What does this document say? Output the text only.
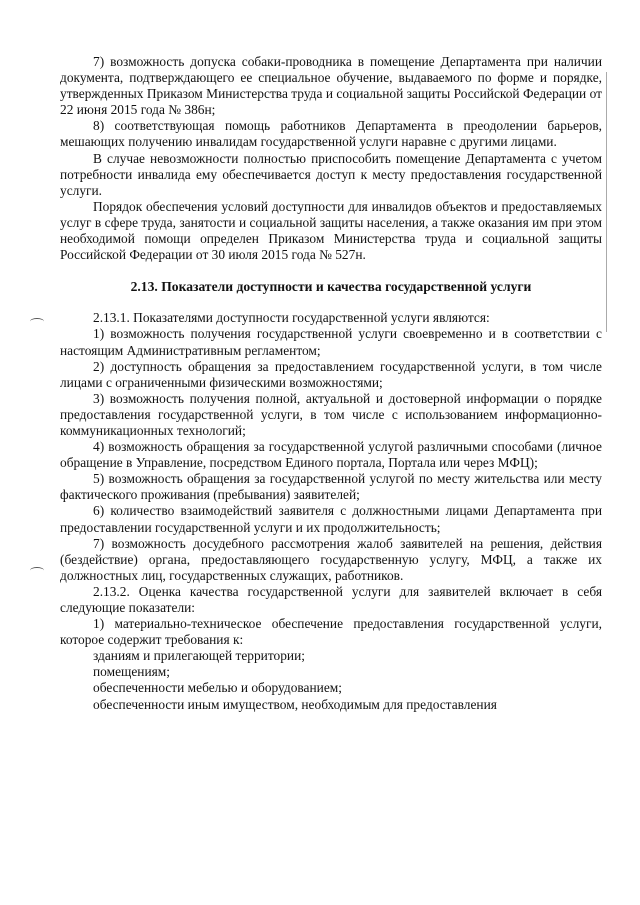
7) возможность допуска собаки-проводника в помещение Департамента при наличии документа, подтверждающего ее специальное обучение, выдаваемого по форме и порядке, утвержденных Приказом Министерства труда и социальной защиты Российской Федерации от 22 июня 2015 года № 386н;

8) соответствующая помощь работников Департамента в преодолении барьеров, мешающих получению инвалидам государственной услуги наравне с другими лицами.

В случае невозможности полностью приспособить помещение Департамента с учетом потребности инвалида ему обеспечивается доступ к месту предоставления государственной услуги.

Порядок обеспечения условий доступности для инвалидов объектов и предоставляемых услуг в сфере труда, занятости и социальной защиты населения, а также оказания им при этом необходимой помощи определен Приказом Министерства труда и социальной защиты Российской Федерации от 30 июля 2015 года № 527н.

2.13. Показатели доступности и качества государственной услуги

2.13.1. Показателями доступности государственной услуги являются:

1) возможность получения государственной услуги своевременно и в соответствии с настоящим Административным регламентом;

2) доступность обращения за предоставлением государственной услуги, в том числе лицами с ограниченными физическими возможностями;

3) возможность получения полной, актуальной и достоверной информации о порядке предоставления государственной услуги, в том числе с использованием информационно-коммуникационных технологий;

4) возможность обращения за государственной услугой различными способами (личное обращение в Управление, посредством Единого портала, Портала или через МФЦ);

5) возможность обращения за государственной услугой по месту жительства или месту фактического проживания (пребывания) заявителей;

6) количество взаимодействий заявителя с должностными лицами Департамента при предоставлении государственной услуги и их продолжительность;

7) возможность досудебного рассмотрения жалоб заявителей на решения, действия (бездействие) органа, предоставляющего государственную услугу, МФЦ, а также их должностных лиц, государственных служащих, работников.

2.13.2. Оценка качества государственной услуги для заявителей включает в себя следующие показатели:

1) материально-техническое обеспечение предоставления государственной услуги, которое содержит требования к:

зданиям и прилегающей территории;

помещениям;

обеспеченности мебелью и оборудованием;

обеспеченности иным имуществом, необходимым для предоставления
